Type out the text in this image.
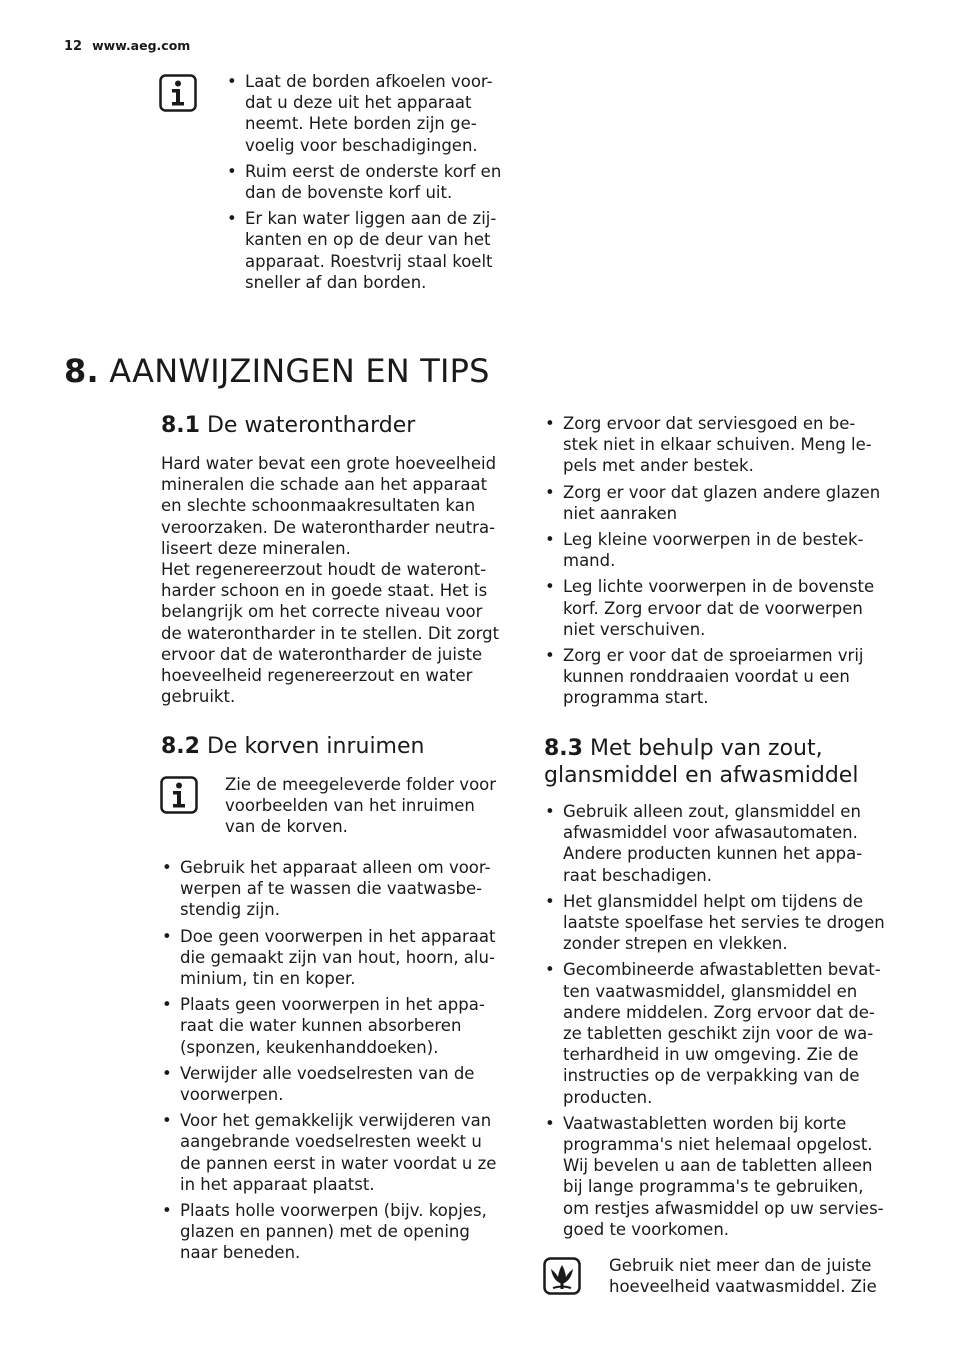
12 www.aeg.com
• Laat de borden afkoelen voor-
dat u deze uit het apparaat
neemt. Hete borden zijn ge-
voelig voor beschadigingen.
• Ruim eerst de onderste korf en
dan de bovenste korf uit.
• Er kan water liggen aan de zij-
kanten en op de deur van het
apparaat. Roestvrij staal koelt
sneller af dan borden.
8. AANWIJZINGEN EN TIPS
8.1 De waterontharder

Hard water bevat een grote hoeveelheid
mineralen die schade aan het apparaat
en slechte schoonmaakresultaten kan
veroorzaken. De waterontharder neutra-
liseert deze mineralen.
Het regenereerzout houdt de wateront-
harder schoon en in goede staat. Het is
belangrijk om het correcte niveau voor
de waterontharder in te stellen. Dit zorgt
ervoor dat de waterontharder de juiste
hoeveelheid regenereerzout en water
gebruikt.

8.2 De korven inruimen

Zie de meegeleverde folder voor
voorbeelden van het inruimen
van de korven.

• Gebruik het apparaat alleen om voor-
werpen af te wassen die vaatwasbe-
stendig zijn.
• Doe geen voorwerpen in het apparaat
die gemaakt zijn van hout, hoorn, alu-
minium, tin en koper.
• Plaats geen voorwerpen in het appa-
raat die water kunnen absorberen
(sponzen, keukenhanddoeken).
• Verwijder alle voedselresten van de
voorwerpen.
• Voor het gemakkelijk verwijderen van
aangebrande voedselresten weekt u
de pannen eerst in water voordat u ze
in het apparaat plaatst.
• Plaats holle voorwerpen (bijv. kopjes,
glazen en pannen) met de opening
naar beneden.
• Zorg ervoor dat serviesgoed en be-
stek niet in elkaar schuiven. Meng le-
pels met ander bestek.
• Zorg er voor dat glazen andere glazen
niet aanraken
• Leg kleine voorwerpen in de bestek-
mand.
• Leg lichte voorwerpen in de bovenste
korf. Zorg ervoor dat de voorwerpen
niet verschuiven.
• Zorg er voor dat de sproeiarmen vrij
kunnen ronddraaien voordat u een
programma start.
8.3 Met behulp van zout,
glansmiddel en afwasmiddel
• Gebruik alleen zout, glansmiddel en
afwasmiddel voor afwasautomaten.
Andere producten kunnen het appa-
raat beschadigen.
• Het glansmiddel helpt om tijdens de
laatste spoelfase het servies te drogen
zonder strepen en vlekken.
• Gecombineerde afwastabletten bevat-
ten vaatwasmiddel, glansmiddel en
andere middelen. Zorg ervoor dat de-
ze tabletten geschikt zijn voor de wa-
terhardheid in uw omgeving. Zie de
instructies op de verpakking van de
producten.
• Vaatwastabletten worden bij korte
programma's niet helemaal opgelost.
Wij bevelen u aan de tabletten alleen
bij lange programma's te gebruiken,
om restjes afwasmiddel op uw servies-
goed te voorkomen.

Gebruik niet meer dan de juiste
hoeveelheid vaatwasmiddel. Zie
